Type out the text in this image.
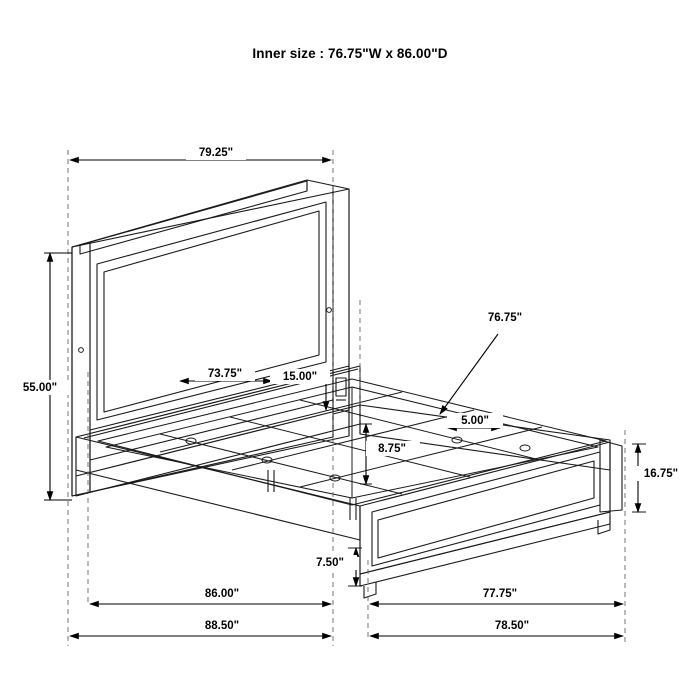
Inner size : 76.75"W x 86.00"D
79.25"
73.75"
55.00"
15.00"
76.75"
5.00"
8.75"
16.75"
7.50"
86.00"	77.75"
88.50"	78.50"
